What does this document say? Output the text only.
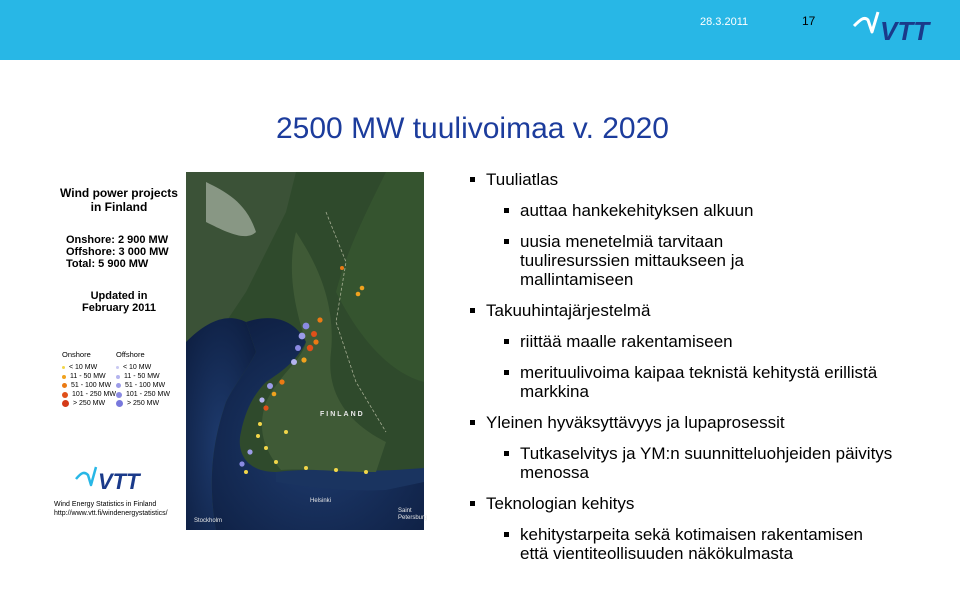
28.3.2011	17 VTT
2500 MW tuulivoimaa v. 2020
Wind power projects
in Finland
Onshore: 2 900 MW
Offshore: 3 000 MW
Total: 5 900 MW
Updated in
February 2011
Onshore
< 10 MW
11 - 50 MW
51 - 100 MW
101 - 250 MW
> 250 MW
Offshore
< 10 MW
11 - 50 MW
51 - 100 MW
101 - 250 MW
> 250 MW
VTT
Wind Energy Statistics in Finland
http://www.vtt.fi/windenergystatistics/
FINLAND
Helsinki
Stockholm
Saint
Petersburg
Tuuliatlas
auttaa hankekehityksen alkuun
uusia menetelmiä tarvitaan tuuliresurssien mittaukseen ja mallintamiseen
Takuuhintajärjestelmä
riittää maalle rakentamiseen
merituulivoima kaipaa teknistä kehitystä erillistä markkina
Yleinen hyväksyttävyys ja lupaprosessit
Tutkaselvitys ja YM:n suunnitteluohjeiden päivitys menossa
Teknologian kehitys
kehitystarpeita sekä kotimaisen rakentamisen että vientiteollisuuden näkökulmasta
